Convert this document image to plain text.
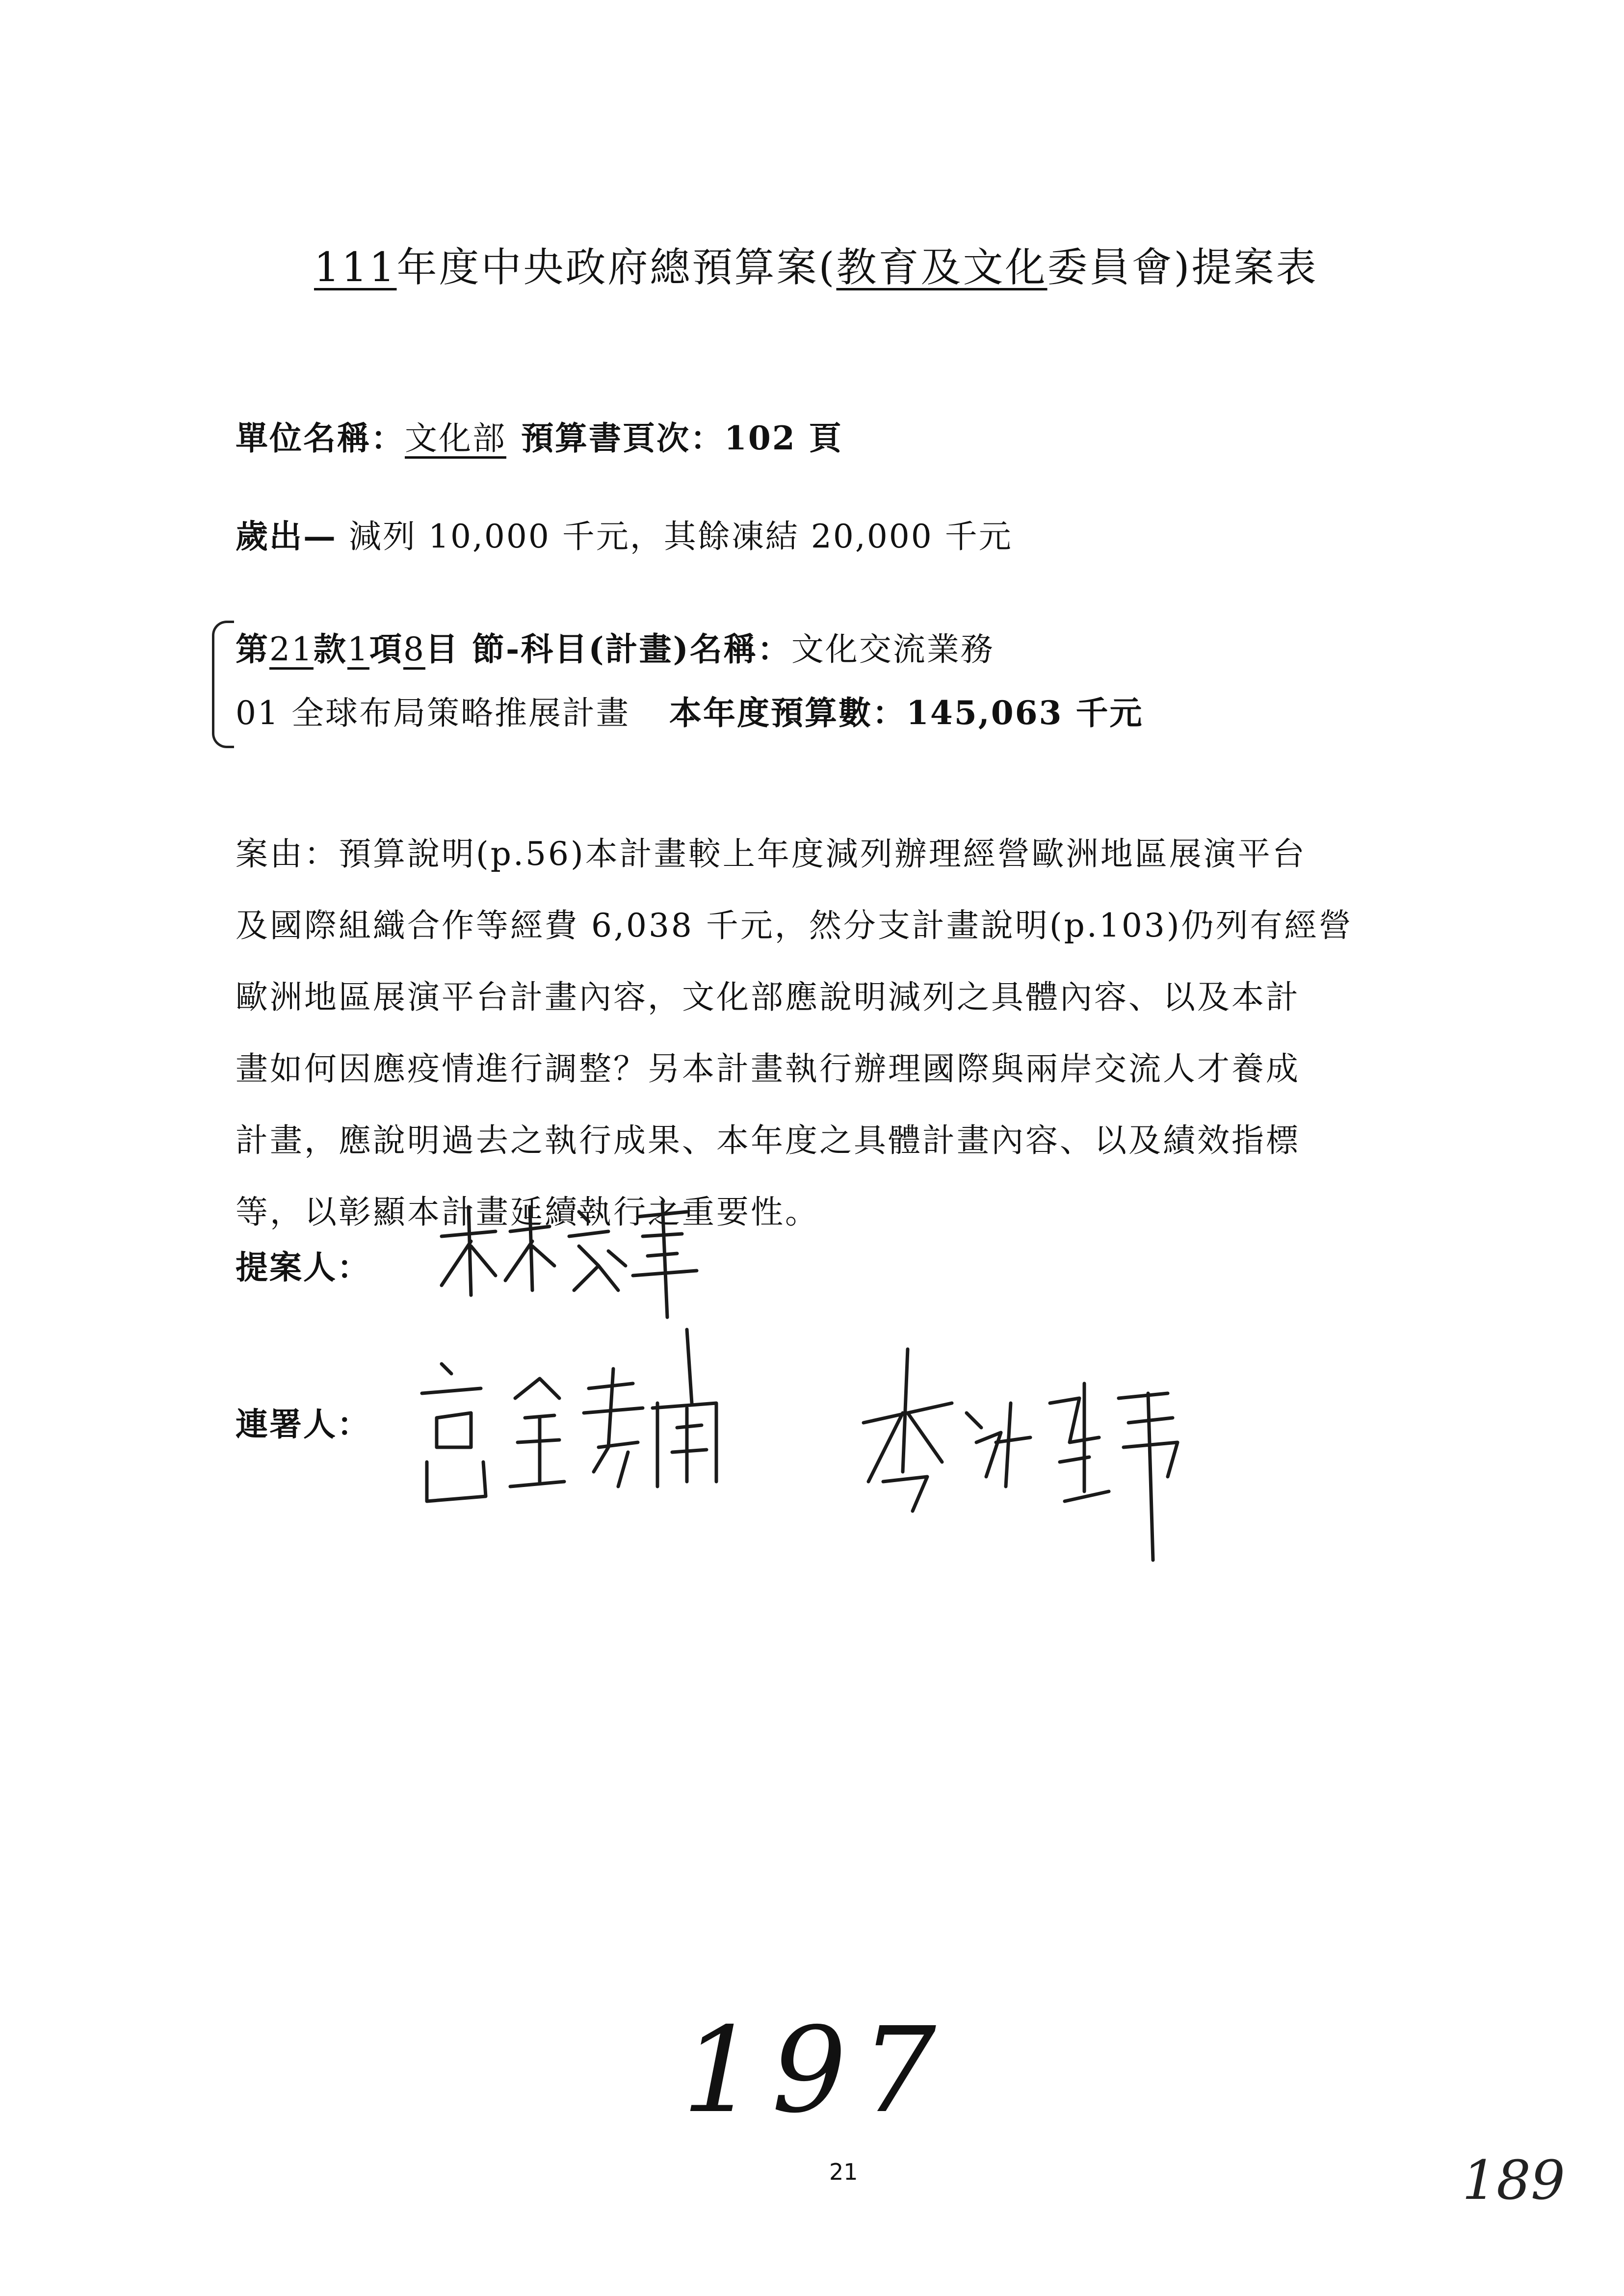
111年度中央政府總預算案(教育及文化委員會)提案表
單位名稱：文化部 預算書頁次：102 頁
歲出— 減列 10,000 千元，其餘凍結 20,000 千元
第21款1項8目 節-科目(計畫)名稱：文化交流業務
01 全球布局策略推展計畫 本年度預算數：145,063 千元
案由：預算說明(p.56)本計畫較上年度減列辦理經營歐洲地區展演平台
及國際組織合作等經費 6,038 千元，然分支計畫說明(p.103)仍列有經營
歐洲地區展演平台計畫內容，文化部應說明減列之具體內容、以及本計
畫如何因應疫情進行調整？另本計畫執行辦理國際與兩岸交流人才養成
計畫，應說明過去之執行成果、本年度之具體計畫內容、以及績效指標
等，以彰顯本計畫延續執行之重要性。
提案人：
連署人：
197
21	189
